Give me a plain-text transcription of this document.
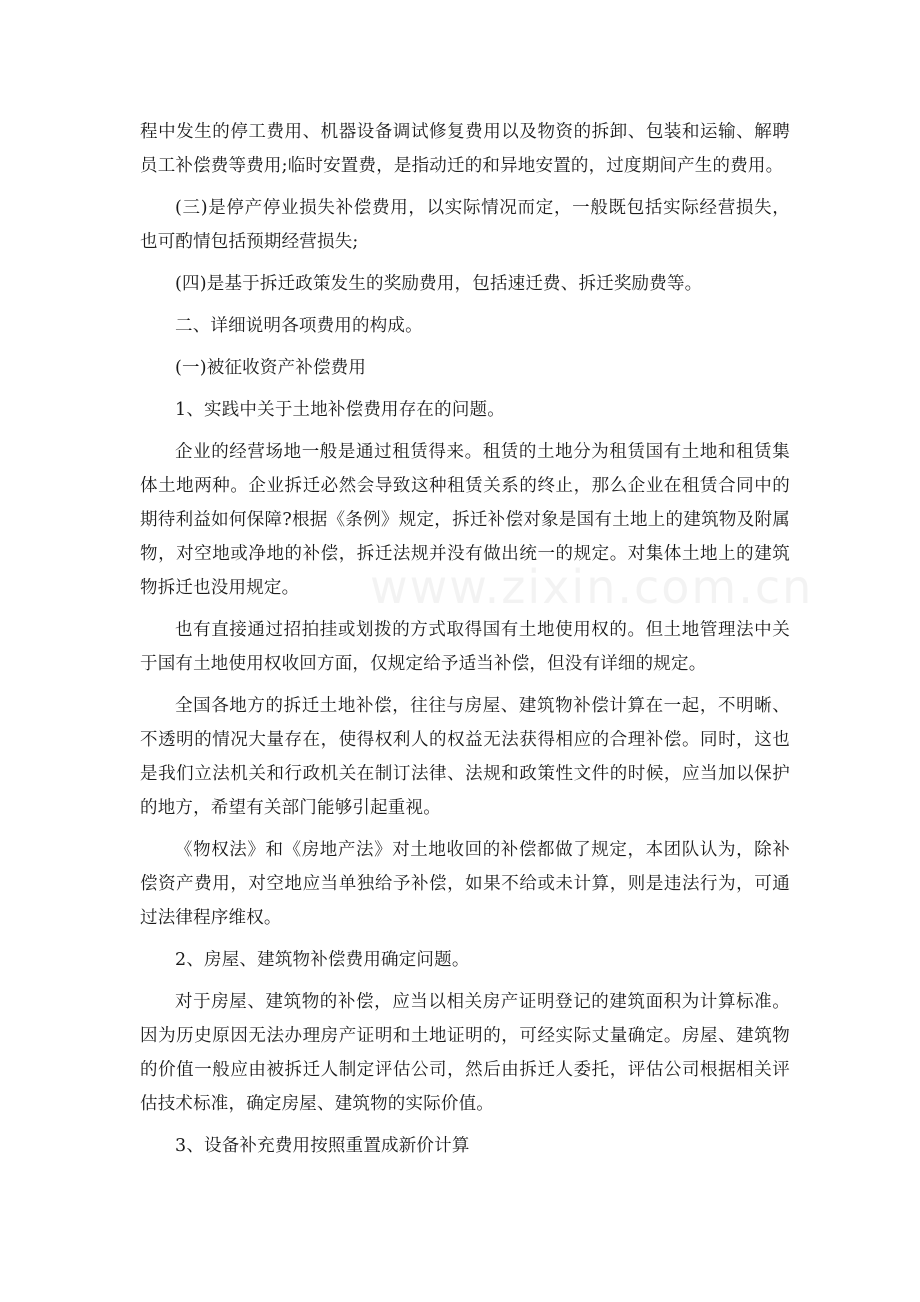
www.zixin.com.cn

程中发生的停工费用、机器设备调试修复费用以及物资的拆卸、包装和运输、解聘员工补偿费等费用;临时安置费，是指动迁的和异地安置的，过度期间产生的费用。

(三)是停产停业损失补偿费用，以实际情况而定，一般既包括实际经营损失，也可酌情包括预期经营损失;

(四)是基于拆迁政策发生的奖励费用，包括速迁费、拆迁奖励费等。

二、详细说明各项费用的构成。

(一)被征收资产补偿费用

1、实践中关于土地补偿费用存在的问题。

企业的经营场地一般是通过租赁得来。租赁的土地分为租赁国有土地和租赁集体土地两种。企业拆迁必然会导致这种租赁关系的终止，那么企业在租赁合同中的期待利益如何保障?根据《条例》规定，拆迁补偿对象是国有土地上的建筑物及附属物，对空地或净地的补偿，拆迁法规并没有做出统一的规定。对集体土地上的建筑物拆迁也没用规定。

也有直接通过招拍挂或划拨的方式取得国有土地使用权的。但土地管理法中关于国有土地使用权收回方面，仅规定给予适当补偿，但没有详细的规定。

全国各地方的拆迁土地补偿，往往与房屋、建筑物补偿计算在一起，不明晰、不透明的情况大量存在，使得权利人的权益无法获得相应的合理补偿。同时，这也是我们立法机关和行政机关在制订法律、法规和政策性文件的时候，应当加以保护的地方，希望有关部门能够引起重视。

《物权法》和《房地产法》对土地收回的补偿都做了规定，本团队认为，除补偿资产费用，对空地应当单独给予补偿，如果不给或未计算，则是违法行为，可通过法律程序维权。

2、房屋、建筑物补偿费用确定问题。

对于房屋、建筑物的补偿，应当以相关房产证明登记的建筑面积为计算标准。因为历史原因无法办理房产证明和土地证明的，可经实际丈量确定。房屋、建筑物的价值一般应由被拆迁人制定评估公司，然后由拆迁人委托，评估公司根据相关评估技术标准，确定房屋、建筑物的实际价值。

3、设备补充费用按照重置成新价计算
